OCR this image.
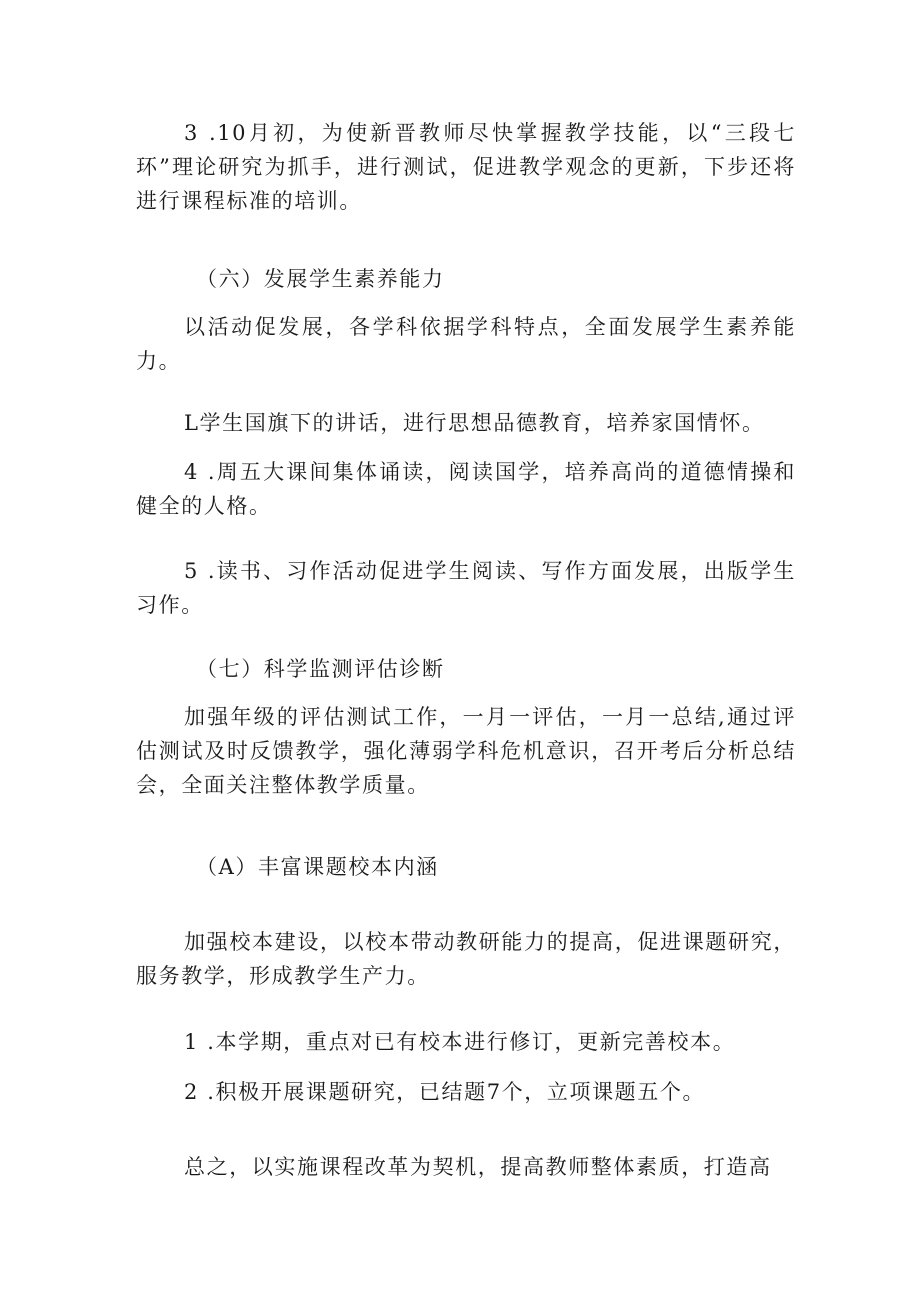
3 .10月初，为使新晋教师尽快掌握教学技能，以“三段七环”理论研究为抓手，进行测试，促进教学观念的更新，下步还将进行课程标准的培训。

（六）发展学生素养能力

以活动促发展，各学科依据学科特点，全面发展学生素养能力。

L学生国旗下的讲话，进行思想品德教育，培养家国情怀。

4 .周五大课间集体诵读，阅读国学，培养高尚的道德情操和健全的人格。

5 .读书、习作活动促进学生阅读、写作方面发展，出版学生习作。

（七）科学监测评估诊断

加强年级的评估测试工作，一月一评估，一月一总结,通过评估测试及时反馈教学，强化薄弱学科危机意识，召开考后分析总结会，全面关注整体教学质量。

（A）丰富课题校本内涵

加强校本建设，以校本带动教研能力的提高，促进课题研究，服务教学，形成教学生产力。

1 .本学期，重点对已有校本进行修订，更新完善校本。

2 .积极开展课题研究，已结题7个，立项课题五个。

总之，以实施课程改革为契机，提高教师整体素质，打造高
